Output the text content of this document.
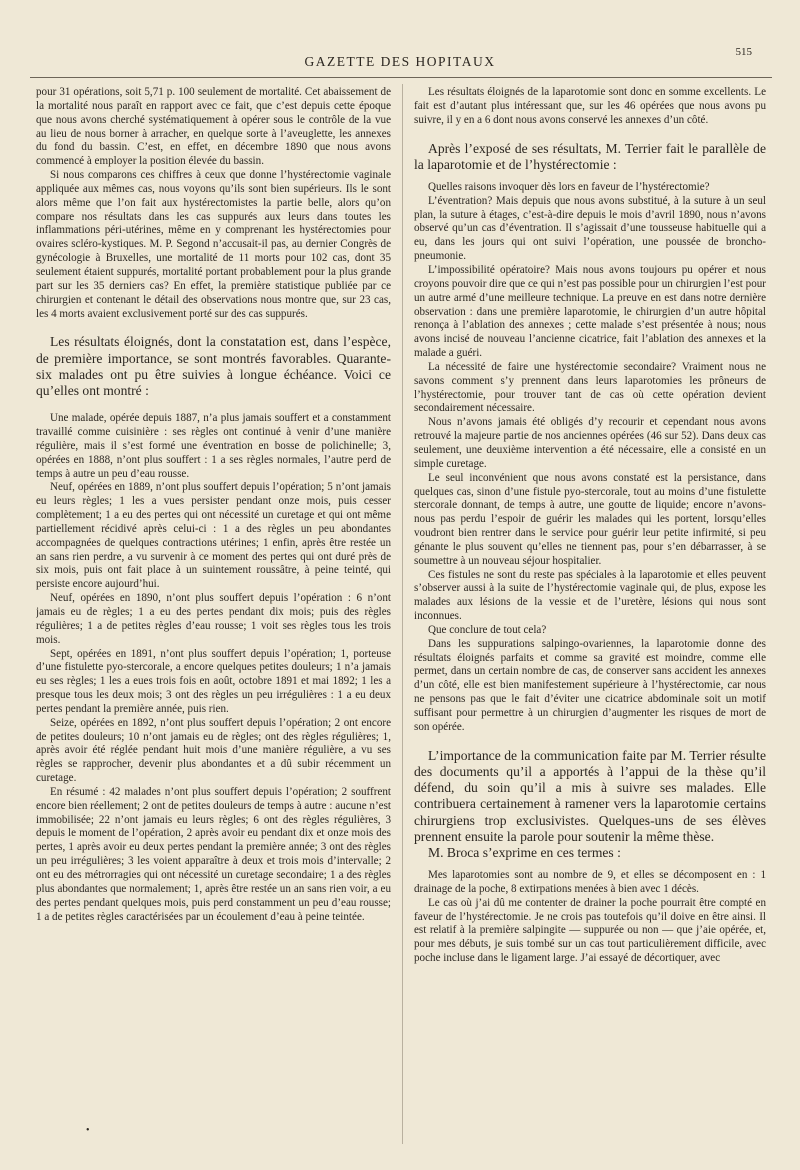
GAZETTE DES HOPITAUX
515

pour 31 opérations, soit 5,71 p. 100 seulement de mortalité. Cet abaissement de la mortalité nous paraît en rapport avec ce fait, que c’est depuis cette époque que nous avons cherché systématiquement à opérer sous le contrôle de la vue au lieu de nous borner à arracher, en quelque sorte à l’aveuglette, les annexes du fond du bassin. C’est, en effet, en décembre 1890 que nous avons commencé à employer la position élevée du bassin.

Si nous comparons ces chiffres à ceux que donne l’hystérectomie vaginale appliquée aux mêmes cas, nous voyons qu’ils sont bien supérieurs. Ils le sont alors même que l’on fait aux hystérectomistes la partie belle, alors qu’on compare nos résultats dans les cas suppurés aux leurs dans toutes les inflammations péri-utérines, même en y comprenant les hystérectomies pour ovaires scléro-kystiques. M. P. Segond n’accusait-il pas, au dernier Congrès de gynécologie à Bruxelles, une mortalité de 11 morts pour 102 cas, dont 35 seulement étaient suppurés, mortalité portant probablement pour la plus grande part sur les 35 derniers cas? En effet, la première statistique publiée par ce chirurgien et contenant le détail des observations nous montre que, sur 23 cas, les 4 morts avaient exclusivement porté sur des cas suppurés.

Les résultats éloignés, dont la constatation est, dans l’espèce, de première importance, se sont montrés favorables. Quarante-six malades ont pu être suivies à longue échéance. Voici ce qu’elles ont montré :

Une malade, opérée depuis 1887, n’a plus jamais souffert et a constamment travaillé comme cuisinière : ses règles ont continué à venir d’une manière régulière, mais il s’est formé une éventration en bosse de polichinelle; 3, opérées en 1888, n’ont plus souffert : 1 a ses règles normales, l’autre perd de temps à autre un peu d’eau rousse.

Neuf, opérées en 1889, n’ont plus souffert depuis l’opération; 5 n’ont jamais eu leurs règles; 1 les a vues persister pendant onze mois, puis cesser complètement; 1 a eu des pertes qui ont nécessité un curetage et qui ont même partiellement récidivé après celui-ci : 1 a des règles un peu abondantes accompagnées de quelques contractions utérines; 1 enfin, après être restée un an sans rien perdre, a vu survenir à ce moment des pertes qui ont duré près de six mois, puis ont fait place à un suintement roussâtre, à peine teinté, qui persiste encore aujourd’hui.

Neuf, opérées en 1890, n’ont plus souffert depuis l’opération : 6 n’ont jamais eu de règles; 1 a eu des pertes pendant dix mois; puis des règles régulières; 1 a de petites règles d’eau rousse; 1 voit ses règles tous les trois mois.

Sept, opérées en 1891, n’ont plus souffert depuis l’opération; 1, porteuse d’une fistulette pyo-stercorale, a encore quelques petites douleurs; 1 n’a jamais eu ses règles; 1 les a eues trois fois en août, octobre 1891 et mai 1892; 1 les a presque tous les deux mois; 3 ont des règles un peu irrégulières : 1 a eu deux pertes pendant la première année, puis rien.

Seize, opérées en 1892, n’ont plus souffert depuis l’opération; 2 ont encore de petites douleurs; 10 n’ont jamais eu de règles; ont des règles régulières; 1, après avoir été réglée pendant huit mois d’une manière régulière, a vu ses règles se rapprocher, devenir plus abondantes et a dû subir récemment un curetage.

En résumé : 42 malades n’ont plus souffert depuis l’opération; 2 souffrent encore bien réellement; 2 ont de petites douleurs de temps à autre : aucune n’est immobilisée; 22 n’ont jamais eu leurs règles; 6 ont des règles régulières, 3 depuis le moment de l’opération, 2 après avoir eu pendant dix et onze mois des pertes, 1 après avoir eu deux pertes pendant la première année; 3 ont des règles un peu irrégulières; 3 les voient apparaître à deux et trois mois d’intervalle; 2 ont eu des métrorragies qui ont nécessité un curetage secondaire; 1 a des règles plus abondantes que normalement; 1, après être restée un an sans rien voir, a eu des pertes pendant quelques mois, puis perd constamment un peu d’eau rousse; 1 a de petites règles caractérisées par un écoulement d’eau à peine teintée.

Les résultats éloignés de la laparotomie sont donc en somme excellents. Le fait est d’autant plus intéressant que, sur les 46 opérées que nous avons pu suivre, il y en a 6 dont nous avons conservé les annexes d’un côté.

Après l’exposé de ses résultats, M. Terrier fait le parallèle de la laparotomie et de l’hystérectomie :

Quelles raisons invoquer dès lors en faveur de l’hystérectomie?

L’éventration? Mais depuis que nous avons substitué, à la suture à un seul plan, la suture à étages, c’est-à-dire depuis le mois d’avril 1890, nous n’avons observé qu’un cas d’éventration. Il s’agissait d’une tousseuse habituelle qui a eu, dans les jours qui ont suivi l’opération, une poussée de broncho-pneumonie.

L’impossibilité opératoire? Mais nous avons toujours pu opérer et nous croyons pouvoir dire que ce qui n’est pas possible pour un chirurgien l’est pour un autre armé d’une meilleure technique. La preuve en est dans notre dernière observation : dans une première laparotomie, le chirurgien d’un autre hôpital renonça à l’ablation des annexes ; cette malade s’est présentée à nous; nous avons incisé de nouveau l’ancienne cicatrice, fait l’ablation des annexes et la malade a guéri.

La nécessité de faire une hystérectomie secondaire? Vraiment nous ne savons comment s’y prennent dans leurs laparotomies les prôneurs de l’hystérectomie, pour trouver tant de cas où cette opération devient secondairement nécessaire.

Nous n’avons jamais été obligés d’y recourir et cependant nous avons retrouvé la majeure partie de nos anciennes opérées (46 sur 52). Dans deux cas seulement, une deuxième intervention a été nécessaire, elle a consisté en un simple curetage.

Le seul inconvénient que nous avons constaté est la persistance, dans quelques cas, sinon d’une fistule pyo-stercorale, tout au moins d’une fistulette stercorale donnant, de temps à autre, une goutte de liquide; encore n’avons-nous pas perdu l’espoir de guérir les malades qui les portent, lorsqu’elles voudront bien rentrer dans le service pour guérir leur petite infirmité, si peu génante le plus souvent qu’elles ne tiennent pas, pour s’en débarrasser, à se soumettre à un nouveau séjour hospitalier.

Ces fistules ne sont du reste pas spéciales à la laparotomie et elles peuvent s’observer aussi à la suite de l’hystérectomie vaginale qui, de plus, expose les malades aux lésions de la vessie et de l’uretère, lésions qui nous sont inconnues.

Que conclure de tout cela?

Dans les suppurations salpingo-ovariennes, la laparotomie donne des résultats éloignés parfaits et comme sa gravité est moindre, comme elle permet, dans un certain nombre de cas, de conserver sans accident les annexes d’un côté, elle est bien manifestement supérieure à l’hystérectomie, car nous ne pensons pas que le fait d’éviter une cicatrice abdominale soit un motif suffisant pour permettre à un chirurgien d’augmenter les risques de mort de son opérée.

L’importance de la communication faite par M. Terrier résulte des documents qu’il a apportés à l’appui de la thèse qu’il défend, du soin qu’il a mis à suivre ses malades. Elle contribuera certainement à ramener vers la laparotomie certains chirurgiens trop exclusivistes. Quelques-uns de ses élèves prennent ensuite la parole pour soutenir la même thèse.

M. Broca s’exprime en ces termes :

Mes laparotomies sont au nombre de 9, et elles se décomposent en : 1 drainage de la poche, 8 extirpations menées à bien avec 1 décès.

Le cas où j’ai dû me contenter de drainer la poche pourrait être compté en faveur de l’hystérectomie. Je ne crois pas toutefois qu’il doive en être ainsi. Il est relatif à la première salpingite — suppurée ou non — que j’aie opérée, et, pour mes débuts, je suis tombé sur un cas tout particulièrement difficile, avec poche incluse dans le ligament large. J’ai essayé de décortiquer, avec

•
